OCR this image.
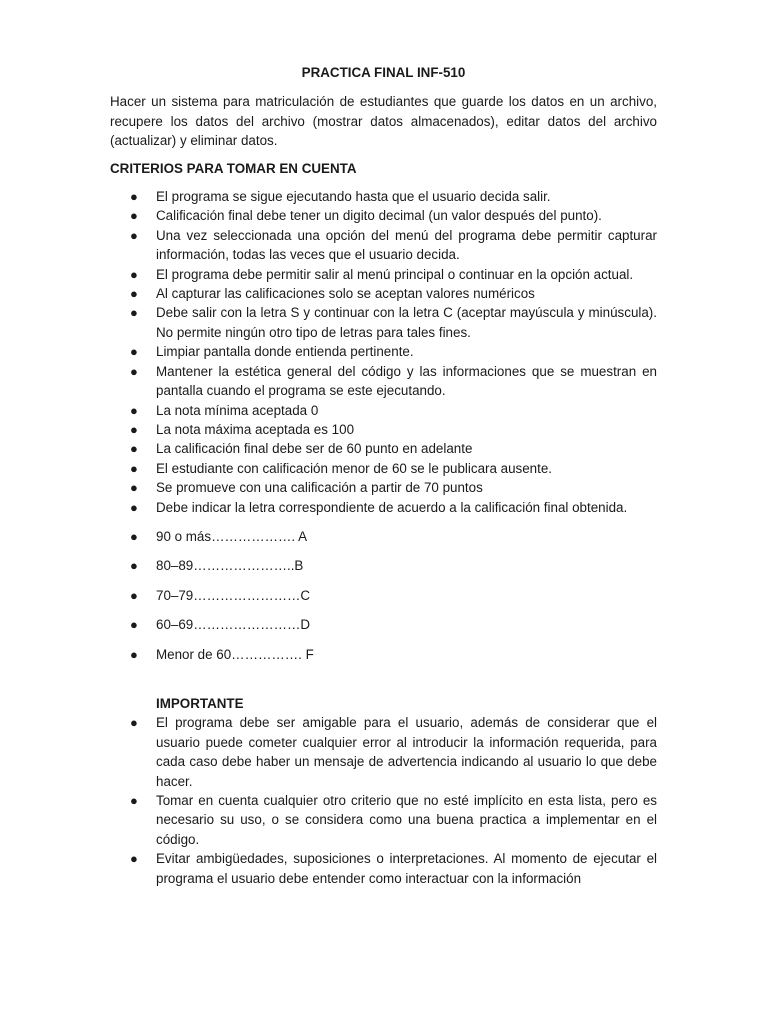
PRACTICA FINAL INF-510
Hacer un sistema para matriculación de estudiantes que guarde los datos en un archivo, recupere los datos del archivo (mostrar datos almacenados), editar datos del archivo (actualizar) y eliminar datos.
CRITERIOS PARA TOMAR EN CUENTA
● El programa se sigue ejecutando hasta que el usuario decida salir.
● Calificación final debe tener un digito decimal (un valor después del punto).
● Una vez seleccionada una opción del menú del programa debe permitir capturar información, todas las veces que el usuario decida.
● El programa debe permitir salir al menú principal o continuar en la opción actual.
● Al capturar las calificaciones solo se aceptan valores numéricos
● Debe salir con la letra S y continuar con la letra C (aceptar mayúscula y minúscula). No permite ningún otro tipo de letras para tales fines.
● Limpiar pantalla donde entienda pertinente.
● Mantener la estética general del código y las informaciones que se muestran en pantalla cuando el programa se este ejecutando.
● La nota mínima aceptada 0
● La nota máxima aceptada es 100
● La calificación final debe ser de 60 punto en adelante
● El estudiante con calificación menor de 60 se le publicara ausente.
● Se promueve con una calificación a partir de 70 puntos
● Debe indicar la letra correspondiente de acuerdo a la calificación final obtenida.
● 90 o más………………. A
● 80–89…………………..B
● 70–79……………………C
● 60–69……………………D
● Menor de 60……………. F
IMPORTANTE
● El programa debe ser amigable para el usuario, además de considerar que el usuario puede cometer cualquier error al introducir la información requerida, para cada caso debe haber un mensaje de advertencia indicando al usuario lo que debe hacer.
● Tomar en cuenta cualquier otro criterio que no esté implícito en esta lista, pero es necesario su uso, o se considera como una buena practica a implementar en el código.
● Evitar ambigüedades, suposiciones o interpretaciones. Al momento de ejecutar el programa el usuario debe entender como interactuar con la información
